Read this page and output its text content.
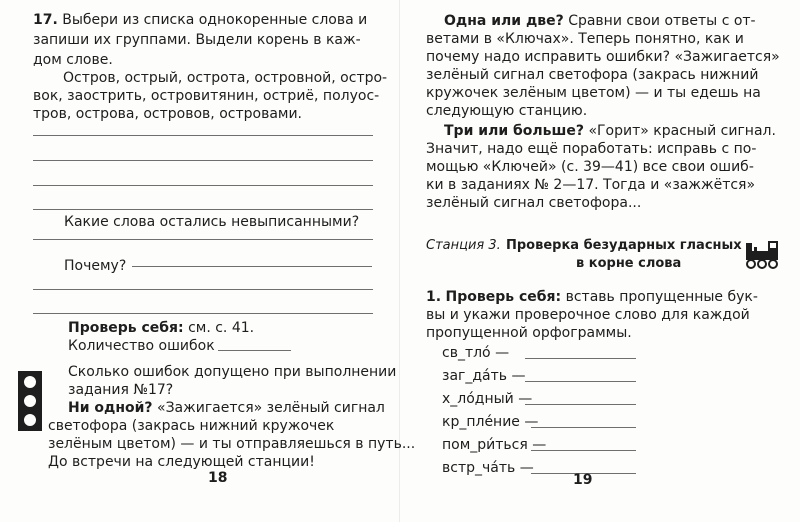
17. Выбери из списка однокоренные слова и
запиши их группами. Выдели корень в каж-
дом слове.
Остров, острый, острота, островной, остро-
вок, заострить, островитянин, остриё, полуос-
тров, острова, островов, островами.
Какие слова остались невыписанными?
Почему?
Проверь себя: см. с. 41.
Количество ошибок
Сколько ошибок допущено при выполнении
задания №17?
Ни одной? «Зажигается» зелёный сигнал
светофора (закрась нижний кружочек
зелёным цветом) — и ты отправляешься в путь...
До встречи на следующей станции!
18
Одна или две? Сравни свои ответы с от-
ветами в «Ключах». Теперь понятно, как и
почему надо исправить ошибки? «Зажигается»
зелёный сигнал светофора (закрась нижний
кружочек зелёным цветом) — и ты едешь на
следующую станцию.
Три или больше? «Горит» красный сигнал.
Значит, надо ещё поработать: исправь с по-
мощью «Ключей» (с. 39—41) все свои ошиб-
ки в заданиях № 2—17. Тогда и «зажжётся»
зелёный сигнал светофора...
Станция 3. Проверка безударных гласных
в корне слова
1. Проверь себя: вставь пропущенные бук-
вы и укажи проверочное слово для каждой
пропущенной орфограммы.
св_тло́ —
заг_да́ть —
х_ло́дный —
кр_пле́ние —
пом_ри́ться —
встр_ча́ть —
19
